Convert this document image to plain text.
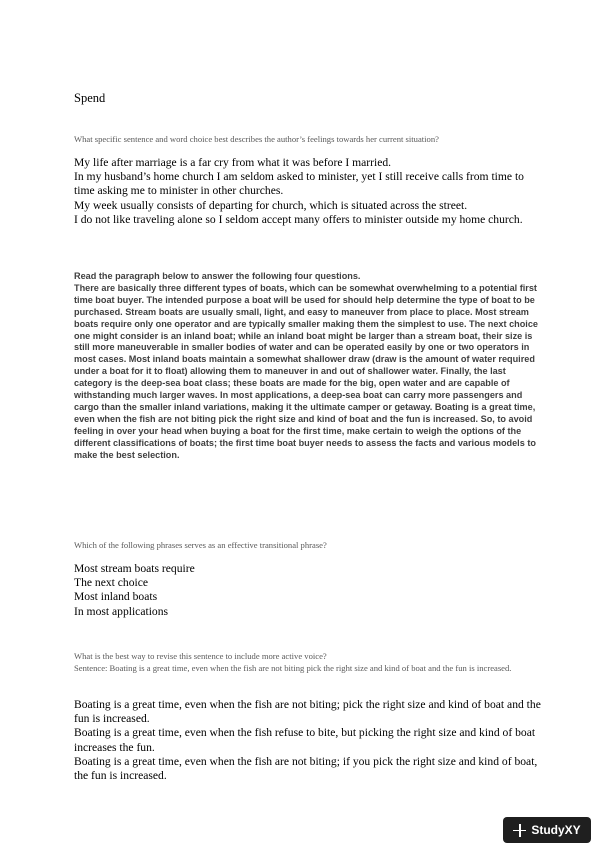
Spend
What specific sentence and word choice best describes the author’s feelings towards her current situation?
My life after marriage is a far cry from what it was before I married.
In my husband’s home church I am seldom asked to minister, yet I still receive calls from time to time asking me to minister in other churches.
My week usually consists of departing for church, which is situated across the street.
I do not like traveling alone so I seldom accept many offers to minister outside my home church.

Read the paragraph below to answer the following four questions.

There are basically three different types of boats, which can be somewhat overwhelming to a potential first time boat buyer. The intended purpose a boat will be used for should help determine the type of boat to be purchased. Stream boats are usually small, light, and easy to maneuver from place to place. Most stream boats require only one operator and are typically smaller making them the simplest to use. The next choice one might consider is an inland boat; while an inland boat might be larger than a stream boat, their size is still more maneuverable in smaller bodies of water and can be operated easily by one or two operators in most cases. Most inland boats maintain a somewhat shallower draw (draw is the amount of water required under a boat for it to float) allowing them to maneuver in and out of shallower water. Finally, the last category is the deep-sea boat class; these boats are made for the big, open water and are capable of withstanding much larger waves. In most applications, a deep-sea boat can carry more passengers and cargo than the smaller inland variations, making it the ultimate camper or getaway. Boating is a great time, even when the fish are not biting pick the right size and kind of boat and the fun is increased. So, to avoid feeling in over your head when buying a boat for the first time, make certain to weigh the options of the different classifications of boats; the first time boat buyer needs to assess the facts and various models to make the best selection.

Which of the following phrases serves as an effective transitional phrase?
Most stream boats require
The next choice
Most inland boats
In most applications
What is the best way to revise this sentence to include more active voice?
Sentence: Boating is a great time, even when the fish are not biting pick the right size and kind of boat and the fun is increased.
Boating is a great time, even when the fish are not biting; pick the right size and kind of boat and the fun is increased.
Boating is a great time, even when the fish refuse to bite, but picking the right size and kind of boat increases the fun.
Boating is a great time, even when the fish are not biting; if you pick the right size and kind of boat, the fun is increased.
StudyXY
